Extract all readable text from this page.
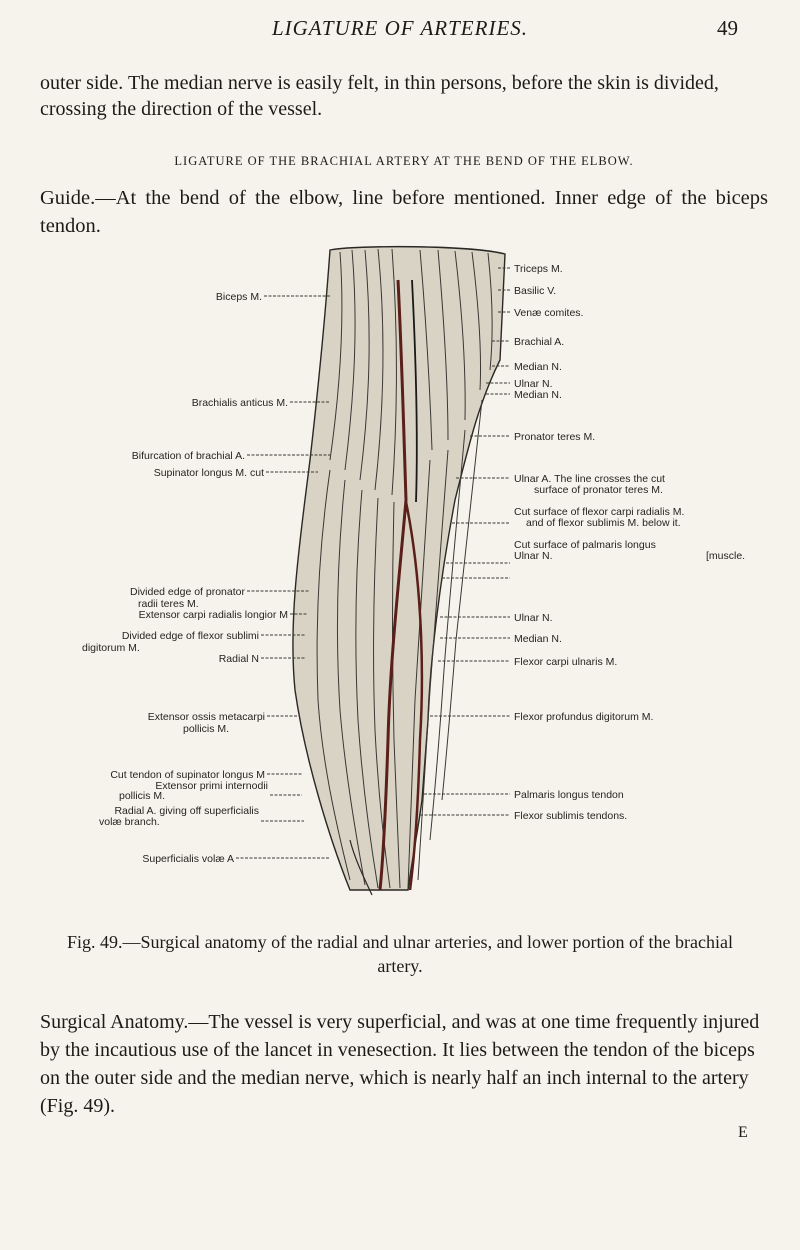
LIGATURE OF ARTERIES.	49

outer side. The median nerve is easily felt, in thin persons, before the skin is divided, crossing the direction of the vessel.

LIGATURE OF THE BRACHIAL ARTERY AT THE BEND OF THE ELBOW.

Guide.—At the bend of the elbow, line before mentioned. Inner edge of the biceps tendon.

Biceps M.
Brachialis anticus M.
Bifurcation of brachial A.
Supinator longus M. cut
Divided edge of pronator
radii teres M.
Extensor carpi radialis longior M
Divided edge of flexor sublimi
digitorum M.
Radial N
Extensor ossis metacarpi
pollicis M.
Cut tendon of supinator longus M
Extensor primi internodii
pollicis M.
Radial A. giving off superficialis
volæ branch.
Superficialis volæ A
Triceps M.
Basilic V.
Venæ comites.
Brachial A.
Median N.
Ulnar N.
Median N.
Pronator teres M.
Ulnar A. The line crosses the cut
surface of pronator teres M.
Cut surface of flexor carpi radialis M.
and of flexor sublimis M. below it.
Cut surface of palmaris longus
Ulnar N.	[muscle.
Ulnar N.
Median N.
Flexor carpi ulnaris M.
Flexor profundus digitorum M.
Palmaris longus tendon
Flexor sublimis tendons.

Fig. 49.—Surgical anatomy of the radial and ulnar arteries, and lower portion of the brachial artery.

Surgical Anatomy.—The vessel is very superficial, and was at one time frequently injured by the incautious use of the lancet in venesection. It lies between the tendon of the biceps on the outer side and the median nerve, which is nearly half an inch internal to the artery (Fig. 49).

E
